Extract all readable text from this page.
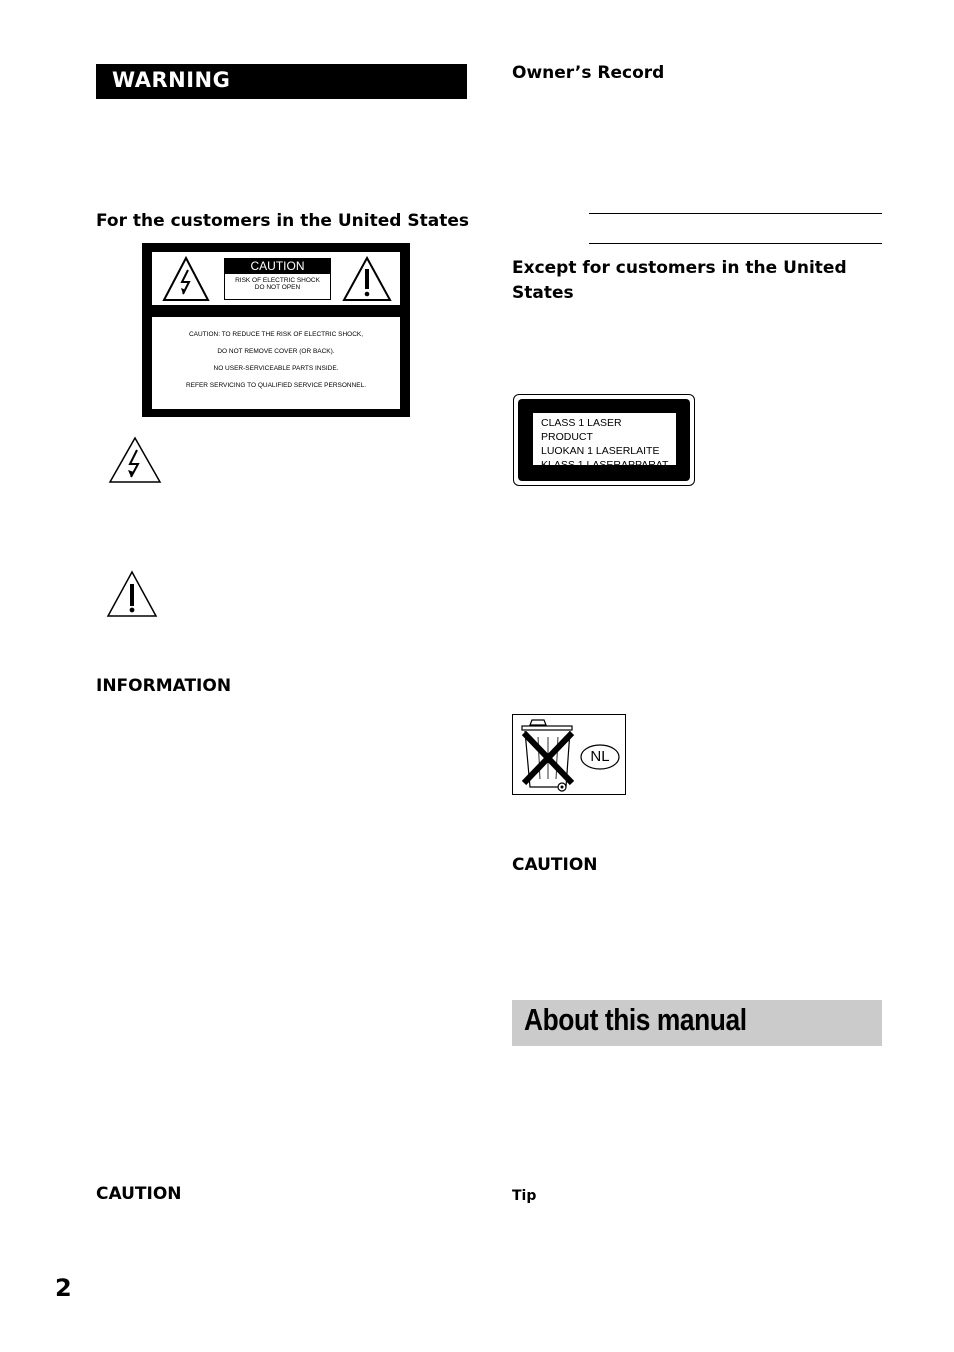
WARNING
For the customers in the United States
CAUTION
RISK OF ELECTRIC SHOCK
DO NOT OPEN

CAUTION: TO REDUCE THE RISK OF ELECTRIC SHOCK,

DO NOT REMOVE COVER (OR BACK).

NO USER-SERVICEABLE PARTS INSIDE.

REFER SERVICING TO QUALIFIED SERVICE PERSONNEL.

INFORMATION
CAUTION
Owner’s Record
Except for customers in the United
States
CLASS 1 LASER PRODUCT
LUOKAN 1 LASERLAITE
KLASS 1 LASERAPPARAT
NL
CAUTION
About this manual
Tip
2
